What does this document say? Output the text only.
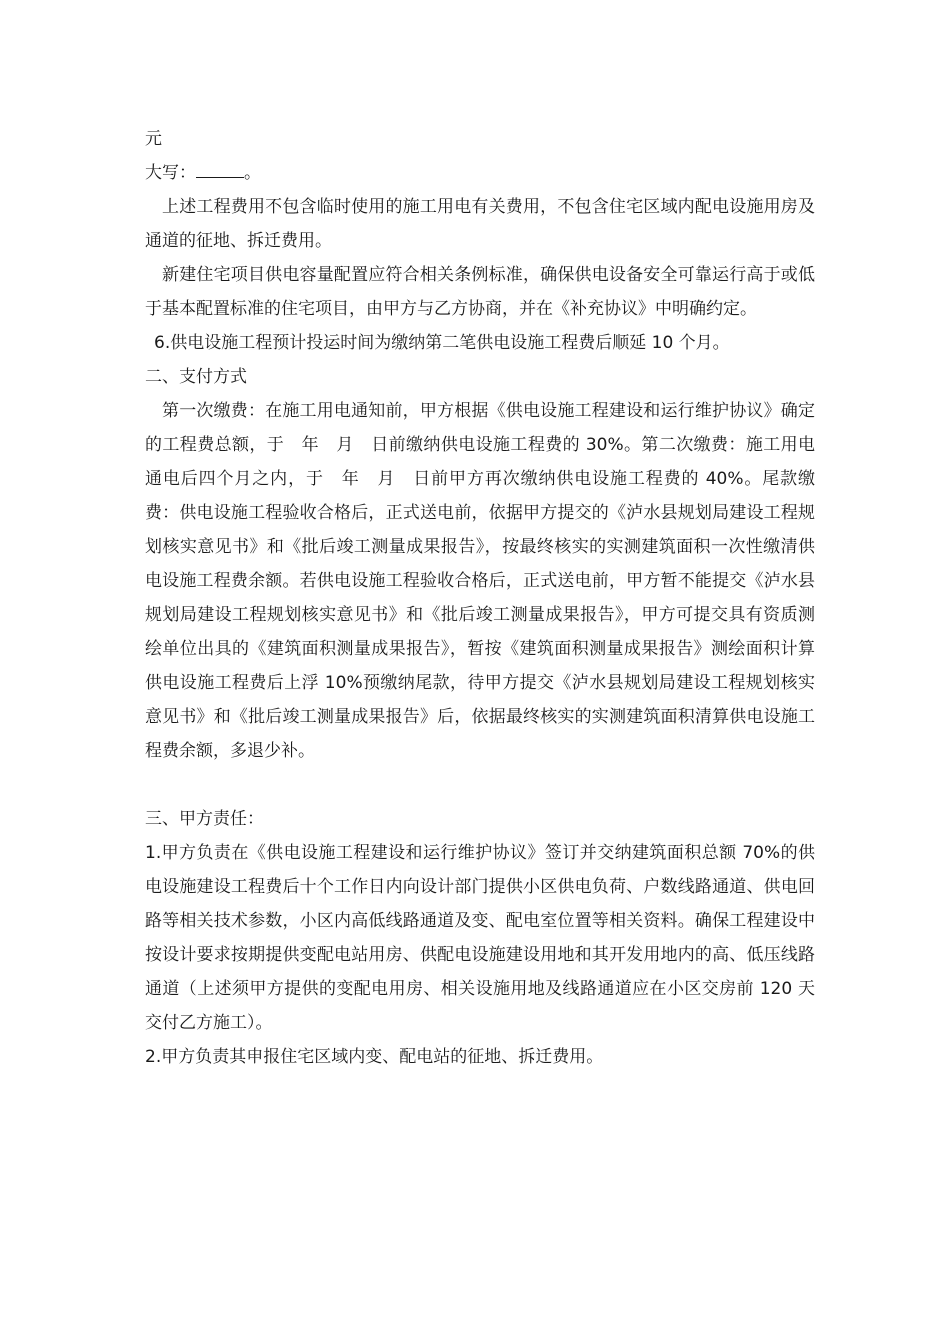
元

大写：	。

上述工程费用不包含临时使用的施工用电有关费用，不包含住宅区域内配电设施用房及通道的征地、拆迁费用。

新建住宅项目供电容量配置应符合相关条例标准，确保供电设备安全可靠运行高于或低于基本配置标准的住宅项目，由甲方与乙方协商，并在《补充协议》中明确约定。

6.供电设施工程预计投运时间为缴纳第二笔供电设施工程费后顺延 10 个月。

二、支付方式

第一次缴费：在施工用电通知前，甲方根据《供电设施工程建设和运行维护协议》确定的工程费总额，于 年 月 日前缴纳供电设施工程费的 30%。第二次缴费：施工用电通电后四个月之内，于 年 月 日前甲方再次缴纳供电设施工程费的 40%。尾款缴费：供电设施工程验收合格后，正式送电前，依据甲方提交的《泸水县规划局建设工程规划核实意见书》和《批后竣工测量成果报告》，按最终核实的实测建筑面积一次性缴清供电设施工程费余额。若供电设施工程验收合格后，正式送电前，甲方暂不能提交《泸水县规划局建设工程规划核实意见书》和《批后竣工测量成果报告》，甲方可提交具有资质测绘单位出具的《建筑面积测量成果报告》，暂按《建筑面积测量成果报告》测绘面积计算供电设施工程费后上浮 10%预缴纳尾款，待甲方提交《泸水县规划局建设工程规划核实意见书》和《批后竣工测量成果报告》后，依据最终核实的实测建筑面积清算供电设施工程费余额，多退少补。

三、甲方责任：

1.甲方负责在《供电设施工程建设和运行维护协议》签订并交纳建筑面积总额 70%的供电设施建设工程费后十个工作日内向设计部门提供小区供电负荷、户数线路通道、供电回路等相关技术参数，小区内高低线路通道及变、配电室位置等相关资料。确保工程建设中按设计要求按期提供变配电站用房、供配电设施建设用地和其开发用地内的高、低压线路通道（上述须甲方提供的变配电用房、相关设施用地及线路通道应在小区交房前 120 天交付乙方施工）。

2.甲方负责其申报住宅区域内变、配电站的征地、拆迁费用。
